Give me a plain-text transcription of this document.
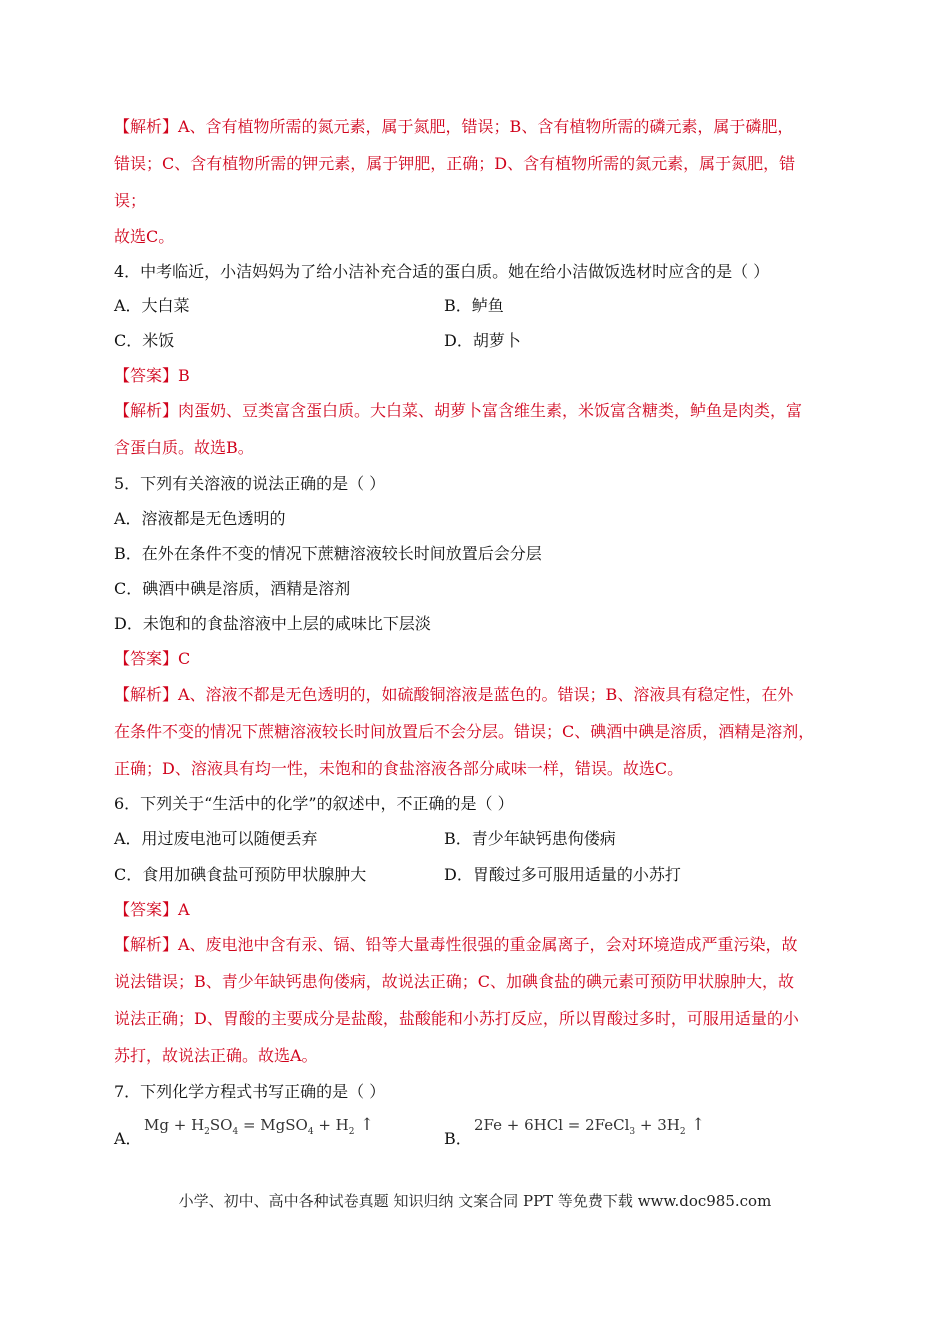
【解析】A、含有植物所需的氮元素，属于氮肥，错误；B、含有植物所需的磷元素，属于磷肥，
错误；C、含有植物所需的钾元素，属于钾肥，正确；D、含有植物所需的氮元素，属于氮肥，错
误；
故选C。
4．中考临近，小洁妈妈为了给小洁补充合适的蛋白质。她在给小洁做饭选材时应含的是（ ）
A．大白菜	B．鲈鱼
C．米饭	D．胡萝卜
【答案】B
【解析】肉蛋奶、豆类富含蛋白质。大白菜、胡萝卜富含维生素，米饭富含糖类，鲈鱼是肉类，富
含蛋白质。故选B。
5．下列有关溶液的说法正确的是（ ）
A．溶液都是无色透明的
B．在外在条件不变的情况下蔗糖溶液较长时间放置后会分层
C．碘酒中碘是溶质，酒精是溶剂
D．未饱和的食盐溶液中上层的咸味比下层淡
【答案】C
【解析】A、溶液不都是无色透明的，如硫酸铜溶液是蓝色的。错误；B、溶液具有稳定性，在外
在条件不变的情况下蔗糖溶液较长时间放置后不会分层。错误；C、碘酒中碘是溶质，酒精是溶剂，
正确；D、溶液具有均一性，未饱和的食盐溶液各部分咸味一样，错误。故选C。
6．下列关于“生活中的化学”的叙述中，不正确的是（ ）
A．用过废电池可以随便丢弃	B．青少年缺钙患佝偻病
C．食用加碘食盐可预防甲状腺肿大	D．胃酸过多可服用适量的小苏打
【答案】A
【解析】A、废电池中含有汞、镉、铅等大量毒性很强的重金属离子，会对环境造成严重污染，故
说法错误；B、青少年缺钙患佝偻病，故说法正确；C、加碘食盐的碘元素可预防甲状腺肿大，故
说法正确；D、胃酸的主要成分是盐酸，盐酸能和小苏打反应，所以胃酸过多时，可服用适量的小
苏打，故说法正确。故选A。
7．下列化学方程式书写正确的是（ ）
A．
$Mg + H_2SO_4$ = MgSO$_4$ + $H_2$ ↑
B．
2Fe + 6HCl = 2FeCl$_3$ + $3H_2$ ↑
小学、初中、高中各种试卷真题 知识归纳 文案合同 PPT 等免费下载 www.doc985.com
